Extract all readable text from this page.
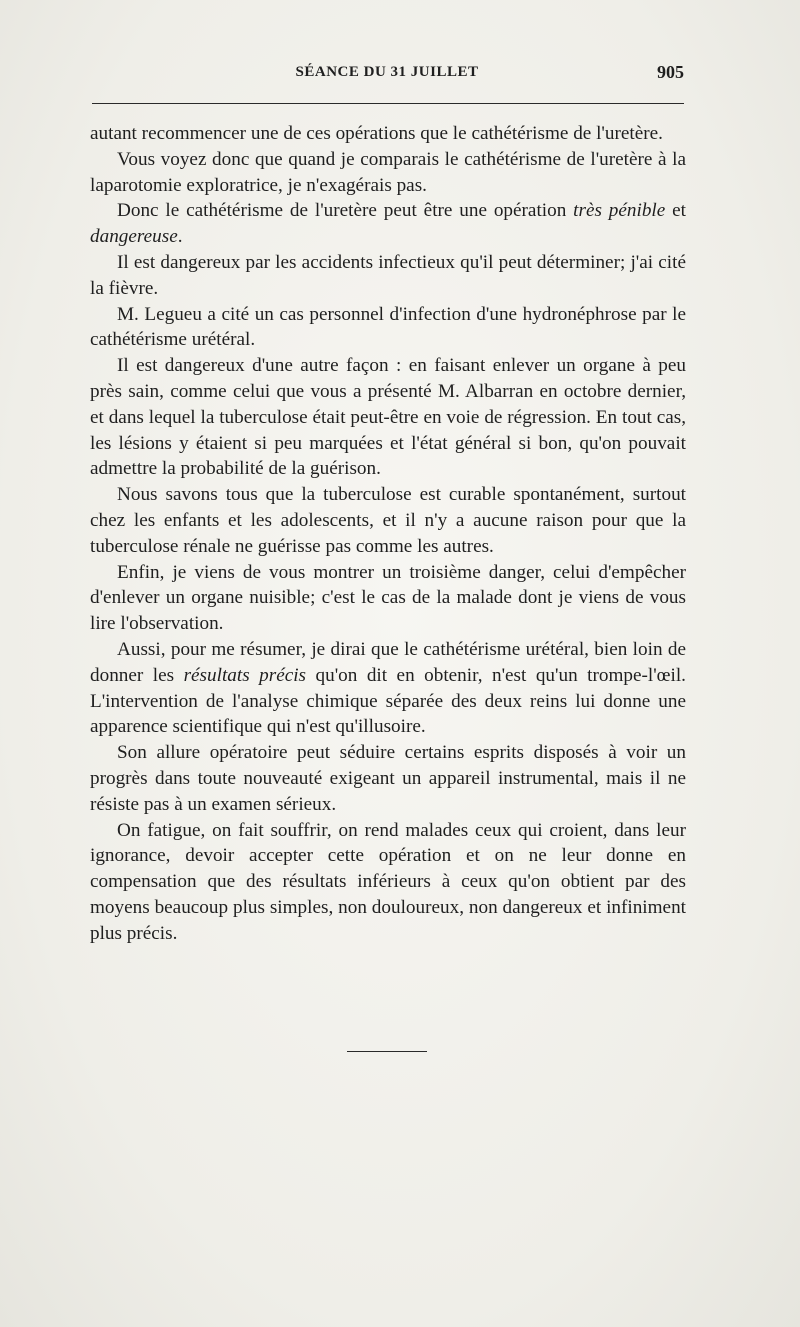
SÉANCE DU 31 JUILLET	905

autant recommencer une de ces opérations que le cathétérisme de l'uretère.

Vous voyez donc que quand je comparais le cathétérisme de l'uretère à la laparotomie exploratrice, je n'exagérais pas.

Donc le cathétérisme de l'uretère peut être une opération très pénible et dangereuse.

Il est dangereux par les accidents infectieux qu'il peut déterminer; j'ai cité la fièvre.

M. Legueu a cité un cas personnel d'infection d'une hydronéphrose par le cathétérisme urétéral.

Il est dangereux d'une autre façon : en faisant enlever un organe à peu près sain, comme celui que vous a présenté M. Albarran en octobre dernier, et dans lequel la tuberculose était peut-être en voie de régression. En tout cas, les lésions y étaient si peu marquées et l'état général si bon, qu'on pouvait admettre la probabilité de la guérison.

Nous savons tous que la tuberculose est curable spontanément, surtout chez les enfants et les adolescents, et il n'y a aucune raison pour que la tuberculose rénale ne guérisse pas comme les autres.

Enfin, je viens de vous montrer un troisième danger, celui d'empêcher d'enlever un organe nuisible; c'est le cas de la malade dont je viens de vous lire l'observation.

Aussi, pour me résumer, je dirai que le cathétérisme urétéral, bien loin de donner les résultats précis qu'on dit en obtenir, n'est qu'un trompe-l'œil. L'intervention de l'analyse chimique séparée des deux reins lui donne une apparence scientifique qui n'est qu'illusoire.

Son allure opératoire peut séduire certains esprits disposés à voir un progrès dans toute nouveauté exigeant un appareil instrumental, mais il ne résiste pas à un examen sérieux.

On fatigue, on fait souffrir, on rend malades ceux qui croient, dans leur ignorance, devoir accepter cette opération et on ne leur donne en compensation que des résultats inférieurs à ceux qu'on obtient par des moyens beaucoup plus simples, non douloureux, non dangereux et infiniment plus précis.
